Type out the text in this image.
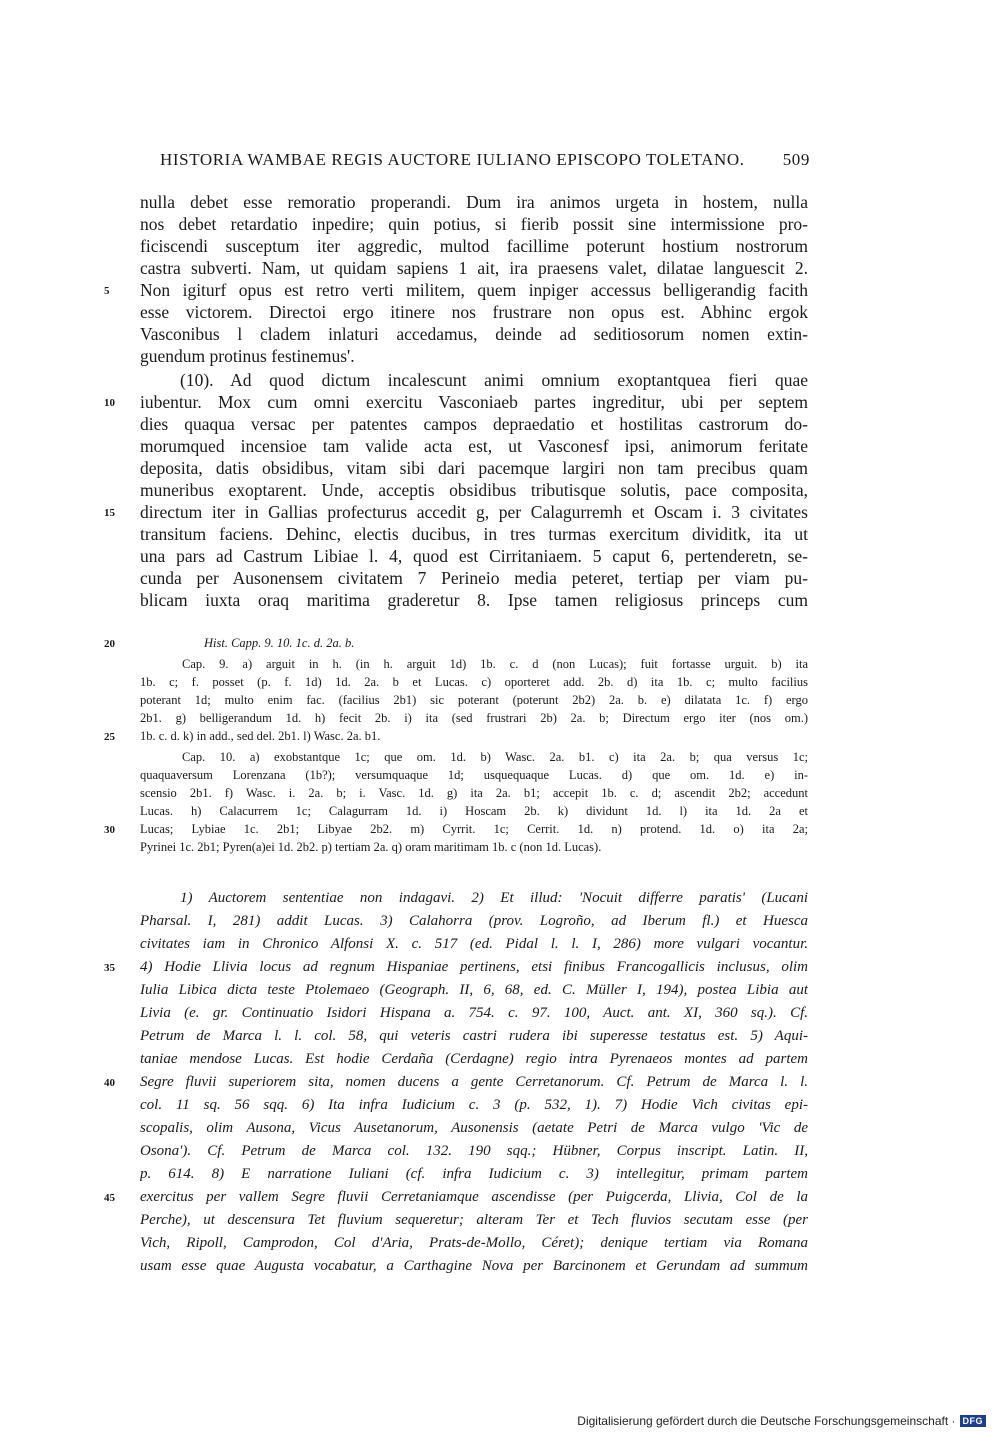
HISTORIA WAMBAE REGIS AUCTORE IULIANO EPISCOPO TOLETANO. 509
nulla debet esse remoratio properandi. Dum ira animos urgeta in hostem, nulla
nos debet retardatio inpedire; quin potius, si fierib possit sine intermissione pro-
ficiscendi susceptum iter aggredic, multod facillime poterunt hostium nostrorum
castra subverti. Nam, ut quidam sapiens 1 ait, ira praesens valet, dilatae languescit 2.
Non igiturf opus est retro verti militem, quem inpiger accessus belligerandig facith
esse victorem. Directoi ergo itinere nos frustrare non opus est. Abhinc ergok
Vasconibus l cladem inlaturi accedamus, deinde ad seditiosorum nomen extin-
guendum protinus festinemus'.
(10). Ad quod dictum incalescunt animi omnium exoptantquea fieri quae
iubentur. Mox cum omni exercitu Vasconiaeb partes ingreditur, ubi per septem
dies quaqua versac per patentes campos depraedatio et hostilitas castrorum do-
morumqued incensioe tam valide acta est, ut Vasconesf ipsi, animorum feritate
deposita, datis obsidibus, vitam sibi dari pacemque largiri non tam precibus quam
muneribus exoptarent. Unde, acceptis obsidibus tributisque solutis, pace composita,
directum iter in Gallias profecturus accedit g, per Calagurremh et Oscam i. 3 civitates
transitum faciens. Dehinc, electis ducibus, in tres turmas exercitum dividitk, ita ut
una pars ad Castrum Libiae l. 4, quod est Cirritaniaem. 5 caput 6, pertenderetn, se-
cunda per Ausonensem civitatem 7 Perineio media peteret, tertiap per viam pu-
blicam iuxta oraq maritima graderetur 8. Ipse tamen religiosus princeps cum
Hist. Capp. 9. 10. 1c. d. 2a. b.
Cap. 9. a) arguit in h. (in h. arguit 1d) 1b. c. d (non Lucas); fuit fortasse urguit. b) ita
1b. c; f. posset (p. f. 1d) 1d. 2a. b et Lucas. c) oporteret add. 2b. d) ita 1b. c; multo facilius
poterant 1d; multo enim fac. (facilius 2b1) sic poterant (poterunt 2b2) 2a. b. e) dilatata 1c. f) ergo
2b1. g) belligerandum 1d. h) fecit 2b. i) ita (sed frustrari 2b) 2a. b; Directum ergo iter (nos om.)
1b. c. d. k) in add., sed del. 2b1. l) Wasc. 2a. b1.
Cap. 10. a) exobstantque 1c; que om. 1d. b) Wasc. 2a. b1. c) ita 2a. b; qua versus 1c;
quaquaversum Lorenzana (1b?); versumquaque 1d; usquequaque Lucas. d) que om. 1d. e) in-
scensio 2b1. f) Wasc. i. 2a. b; i. Vasc. 1d. g) ita 2a. b1; accepit 1b. c. d; ascendit 2b2; accedunt
Lucas. h) Calacurrem 1c; Calagurram 1d. i) Hoscam 2b. k) dividunt 1d. l) ita 1d. 2a et
Lucas; Lybiae 1c. 2b1; Libyae 2b2. m) Cyrrit. 1c; Cerrit. 1d. n) protend. 1d. o) ita 2a;
Pyrinei 1c. 2b1; Pyren(a)ei 1d. 2b2. p) tertiam 2a. q) oram maritimam 1b. c (non 1d. Lucas).
1) Auctorem sententiae non indagavi. 2) Et illud: 'Nocuit differre paratis' (Lucani
Pharsal. I, 281) addit Lucas. 3) Calahorra (prov. Logroño, ad Iberum fl.) et Huesca
civitates iam in Chronico Alfonsi X. c. 517 (ed. Pidal l. l. I, 286) more vulgari vocantur.
4) Hodie Llivia locus ad regnum Hispaniae pertinens, etsi finibus Francogallicis inclusus, olim
Iulia Libica dicta teste Ptolemaeo (Geograph. II, 6, 68, ed. C. Müller I, 194), postea Libia aut
Livia (e. gr. Continuatio Isidori Hispana a. 754. c. 97. 100, Auct. ant. XI, 360 sq.). Cf.
Petrum de Marca l. l. col. 58, qui veteris castri rudera ibi superesse testatus est. 5) Aqui-
taniae mendose Lucas. Est hodie Cerdaña (Cerdagne) regio intra Pyrenaeos montes ad partem
Segre fluvii superiorem sita, nomen ducens a gente Cerretanorum. Cf. Petrum de Marca l. l.
col. 11 sq. 56 sqq. 6) Ita infra Iudicium c. 3 (p. 532, 1). 7) Hodie Vich civitas epi-
scopalis, olim Ausona, Vicus Ausetanorum, Ausonensis (aetate Petri de Marca vulgo 'Vic de
Osona'). Cf. Petrum de Marca col. 132. 190 sqq.; Hübner, Corpus inscript. Latin. II,
p. 614. 8) E narratione Iuliani (cf. infra Iudicium c. 3) intellegitur, primam partem
exercitus per vallem Segre fluvii Cerretaniamque ascendisse (per Puigcerda, Llivia, Col de la
Perche), ut descensura Tet fluvium sequeretur; alteram Ter et Tech fluvios secutam esse (per
Vich, Ripoll, Camprodon, Col d'Aria, Prats-de-Mollo, Céret); denique tertiam via Romana
usam esse quae Augusta vocabatur, a Carthagine Nova per Barcinonem et Gerundam ad summum
5
10
15
20
25
30
35
40
45
Digitalisierung gefördert durch die Deutsche Forschungsgemeinschaft · DFG
